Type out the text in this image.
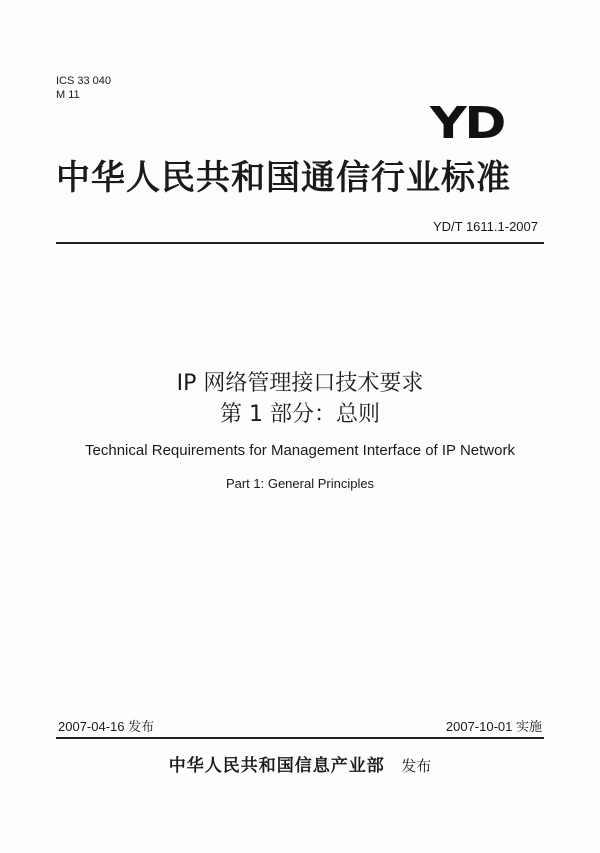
ICS 33 040
M 11
YD
中华人民共和国通信行业标准
YD/T 1611.1-2007
IP 网络管理接口技术要求
第 1 部分：总则
Technical Requirements for Management Interface of IP Network
Part 1: General Principles
2007-04-16 发布	2007-10-01 实施
中华人民共和国信息产业部 发布
